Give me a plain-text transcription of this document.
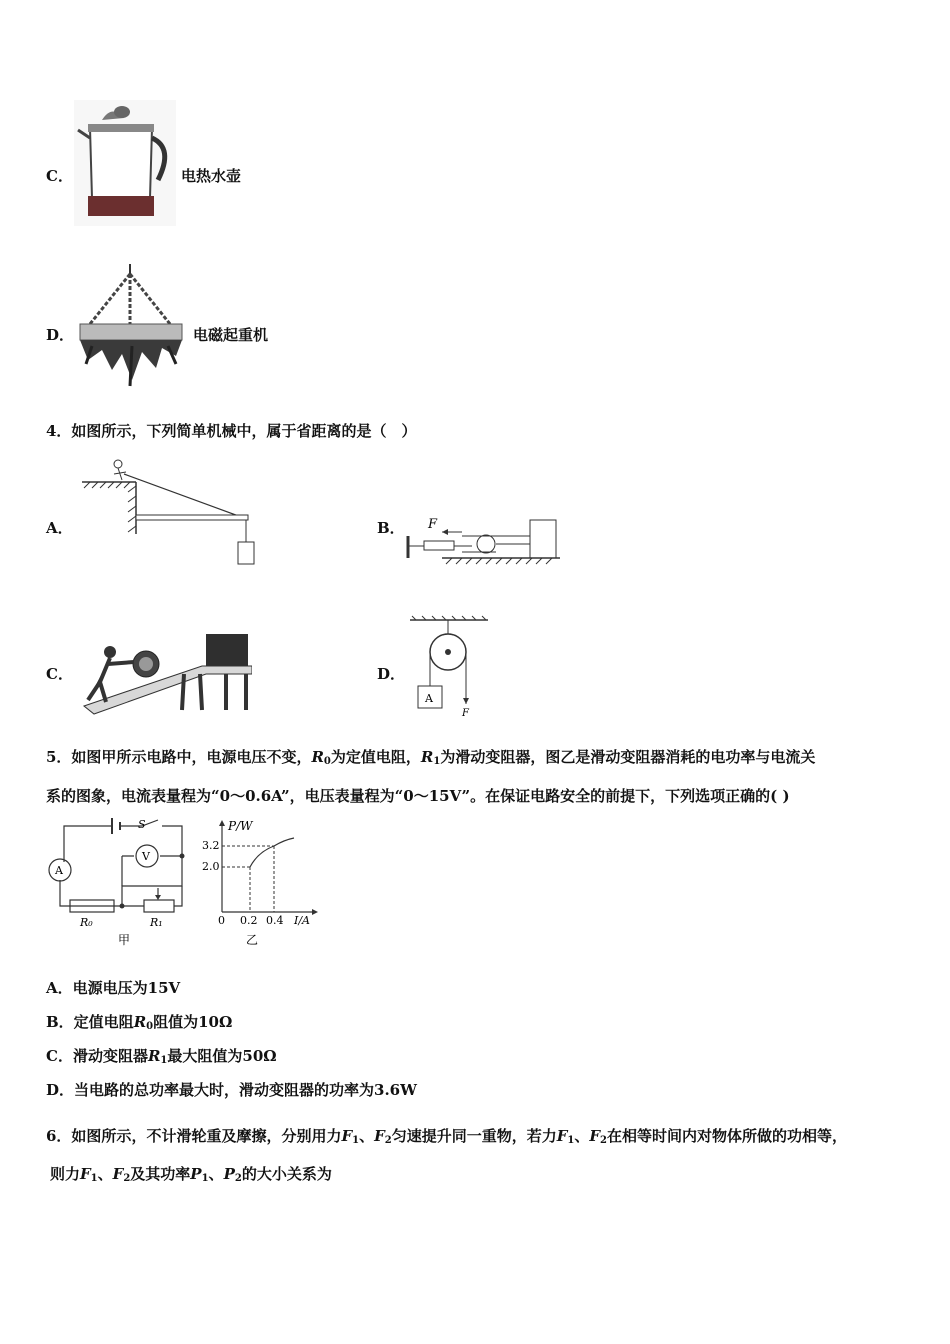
C．	电热水壶
D．	电磁起重机
4．如图所示，下列简单机械中，属于省距离的是（　）
A．	B． F
C．	D．
A
F
5．如图甲所示电路中，电源电压不变，$R_0$为定值电阻，$R_1$为滑动变阻器，图乙是滑动变阻器消耗的电功率与电流关
系的图象，电流表量程为“0～0.6A”，电压表量程为“0～15V”。在保证电路安全的前提下，下列选项正确的( )
S
A
V
R₀	R₁
甲
P/W
3.2
2.0
0 0.2 0.4 I/A
乙
A．电源电压为15V
B．定值电阻$R_0$阻值为10Ω
C．滑动变阻器$R_1$最大阻值为50Ω
D．当电路的总功率最大时，滑动变阻器的功率为3.6W
6．如图所示，不计滑轮重及摩擦，分别用力$F_1$、$F_2$匀速提升同一重物，若力$F_1$、$F_2$在相等时间内对物体所做的功相等，
则力$F_1$、$F_2$及其功率$P_1$、$P_2$的大小关系为
